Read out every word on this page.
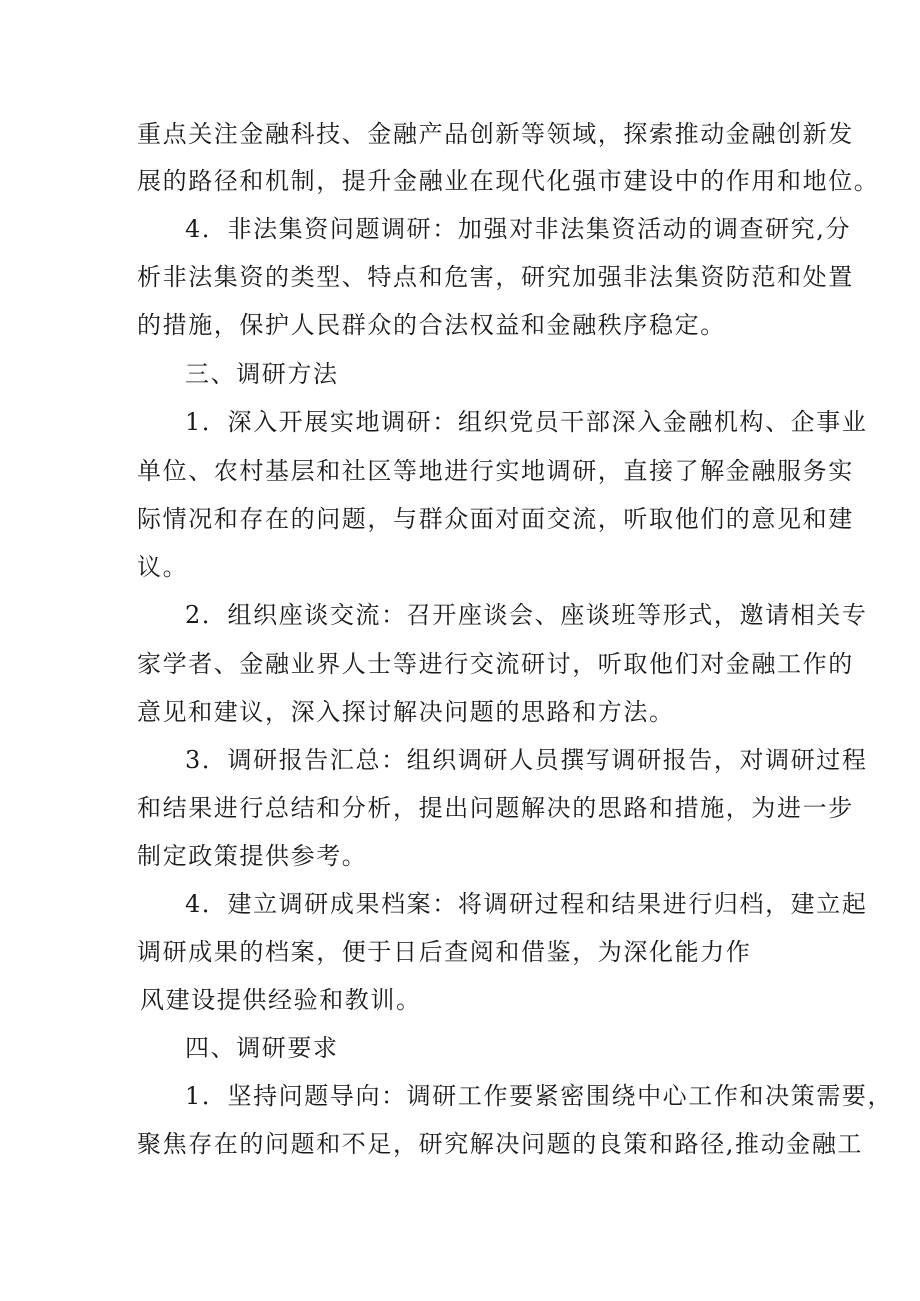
重点关注金融科技、金融产品创新等领域，探索推动金融创新发
展的路径和机制，提升金融业在现代化强市建设中的作用和地位。
4．非法集资问题调研：加强对非法集资活动的调查研究,分
析非法集资的类型、特点和危害，研究加强非法集资防范和处置
的措施，保护人民群众的合法权益和金融秩序稳定。
三、调研方法
1．深入开展实地调研：组织党员干部深入金融机构、企事业
单位、农村基层和社区等地进行实地调研，直接了解金融服务实
际情况和存在的问题，与群众面对面交流，听取他们的意见和建
议。
2．组织座谈交流：召开座谈会、座谈班等形式，邀请相关专
家学者、金融业界人士等进行交流研讨，听取他们对金融工作的
意见和建议，深入探讨解决问题的思路和方法。
3．调研报告汇总：组织调研人员撰写调研报告，对调研过程
和结果进行总结和分析，提出问题解决的思路和措施，为进一步
制定政策提供参考。
4．建立调研成果档案：将调研过程和结果进行归档，建立起
调研成果的档案，便于日后查阅和借鉴，为深化能力作
风建设提供经验和教训。
四、调研要求
1．坚持问题导向：调研工作要紧密围绕中心工作和决策需要，
聚焦存在的问题和不足，研究解决问题的良策和路径,推动金融工
